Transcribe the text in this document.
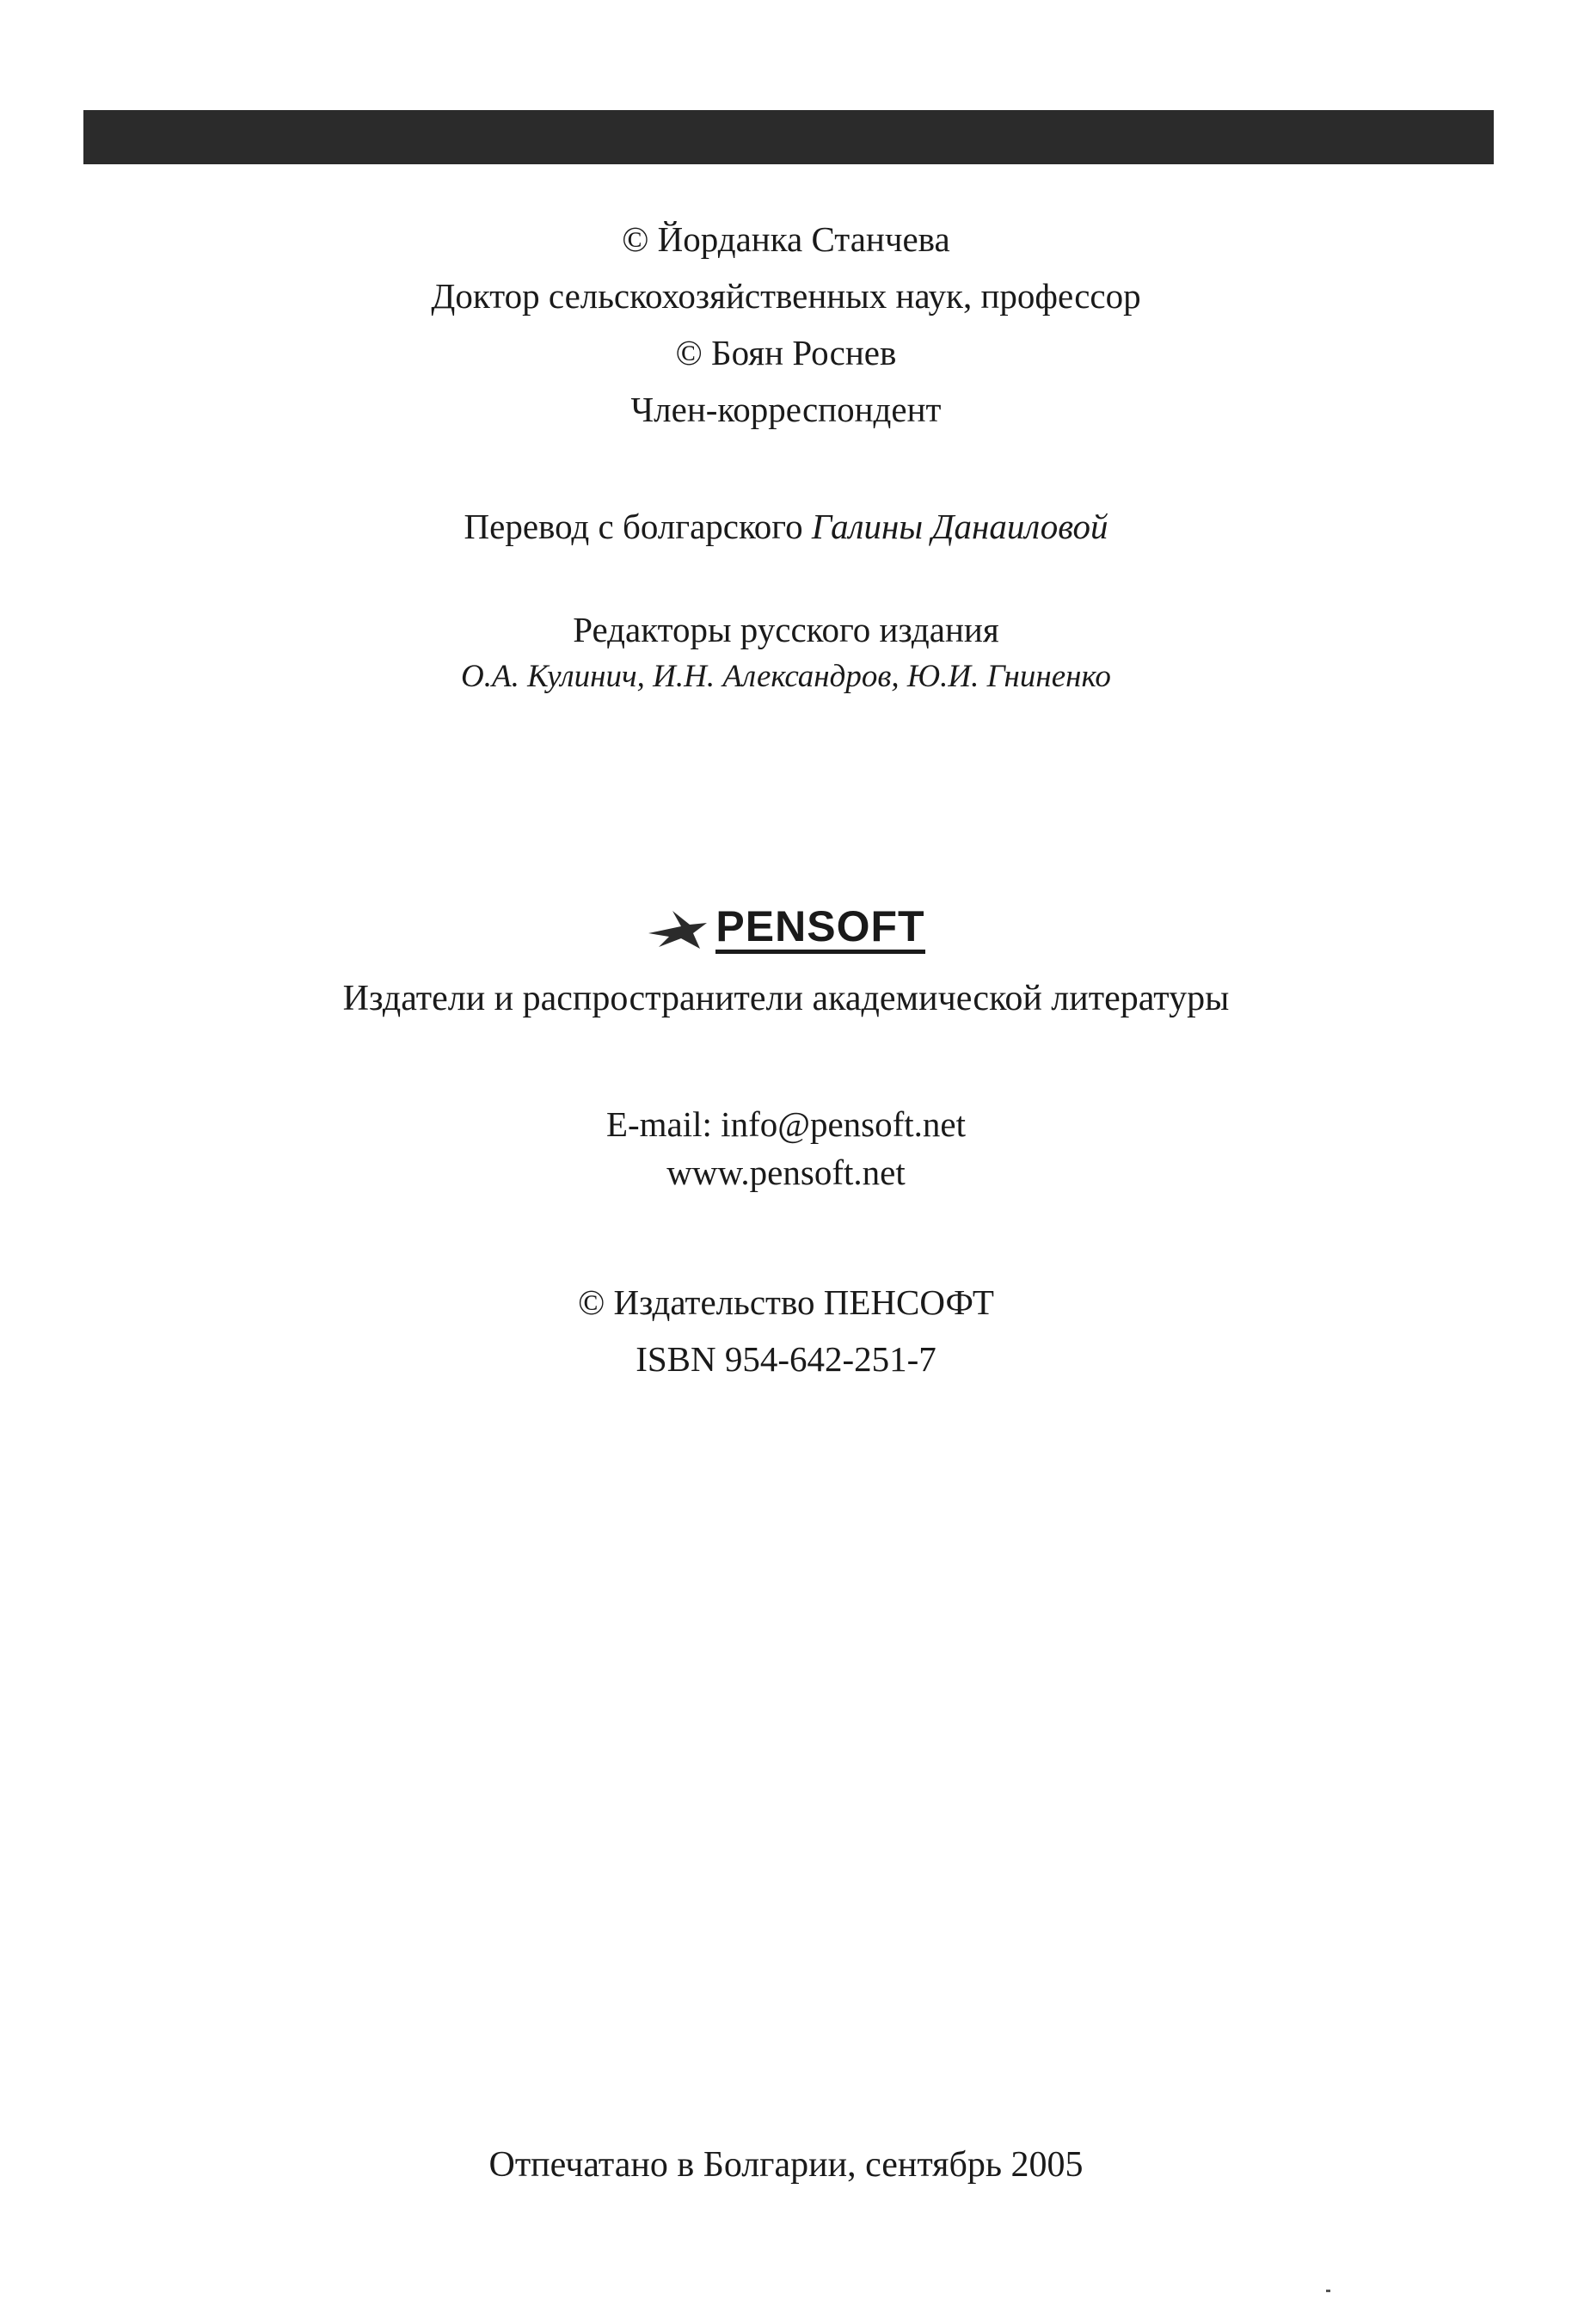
© Йорданка Станчева
Доктор сельскохозяйственных наук, профессор
© Боян Роснев
Член-корреспондент
Перевод с болгарского Галины Данаиловой
Редакторы русского издания
О.А. Кулинич, И.Н. Александров, Ю.И. Гниненко
PENSOFT
Издатели и распространители академической литературы
E-mail: info@pensoft.net
www.pensoft.net
© Издательство ПЕНСОФТ
ISBN 954-642-251-7
Отпечатано в Болгарии, сентябрь 2005
